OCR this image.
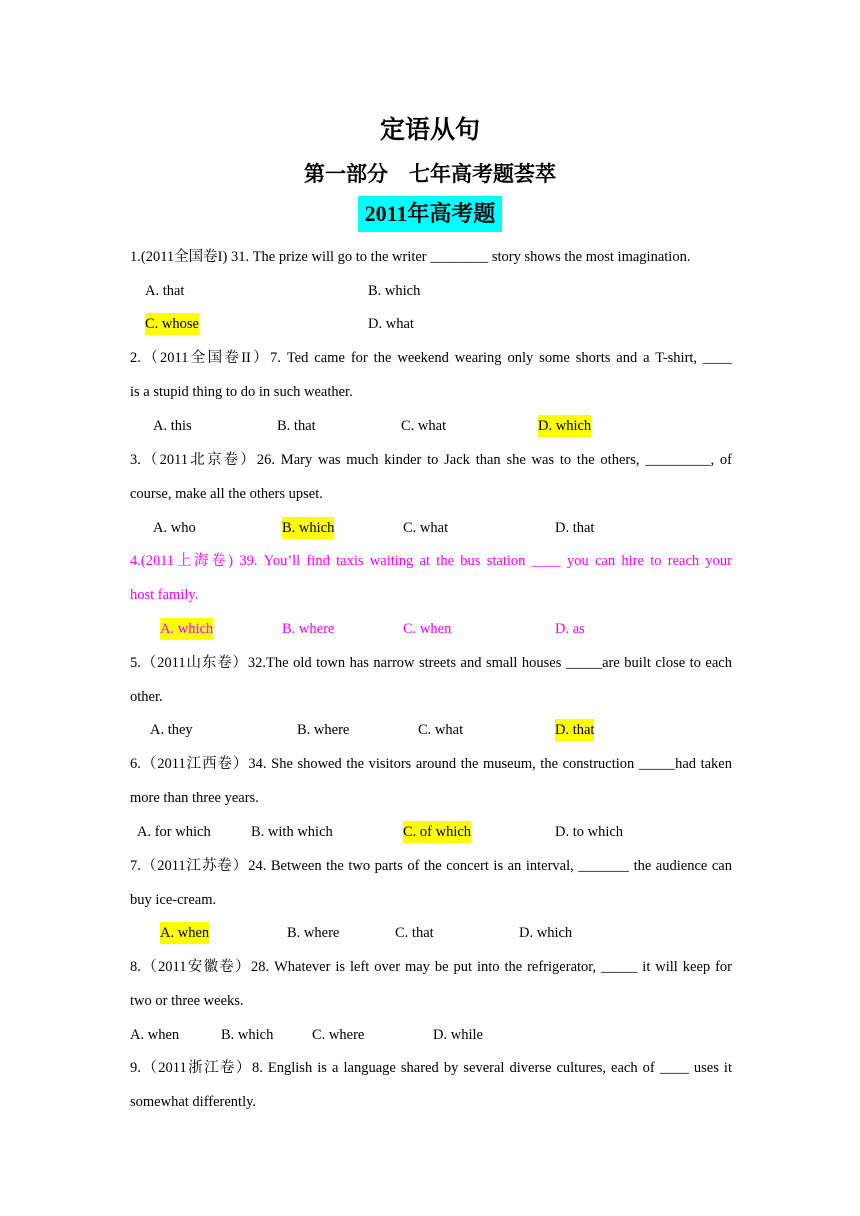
定语从句
第一部分　七年高考题荟萃
2011年高考题
1.(2011全国卷I) 31. The prize will go to the writer ________ story shows the most imagination.
A. that	B. which
C. whose	D. what
2.（2011全国卷II）7. Ted came for the weekend wearing only some shorts and a T-shirt, ____
is a stupid thing to do in such weather.
A. this	B. that	C. what	D. which
3.（2011北京卷）26. Mary was much kinder to Jack than she was to the others, _________, of
course, make all the others upset.
A. who	B. which	C. what	D. that
4.(2011上海卷) 39. You’ll find taxis waiting at the bus station ____ you can hire to reach your
host family.
A. which	B. where	C. when	D. as
5.（2011山东卷）32.The old town has narrow streets and small houses _____are built close to each
other.
A. they	B. where	C. what	D. that
6.（2011江西卷）34. She showed the visitors around the museum, the construction _____had taken
more than three years.
A. for which	B. with which	C. of which	D. to which
7.（2011江苏卷）24. Between the two parts of the concert is an interval, _______ the audience can
buy ice-cream.
A. when	B. where	C. that	D. which
8.（2011安徽卷）28. Whatever is left over may be put into the refrigerator, _____ it will keep for
two or three weeks.
A. when	B. which	C. where	D. while
9.（2011浙江卷）8. English is a language shared by several diverse cultures, each of ____ uses it
somewhat differently.
